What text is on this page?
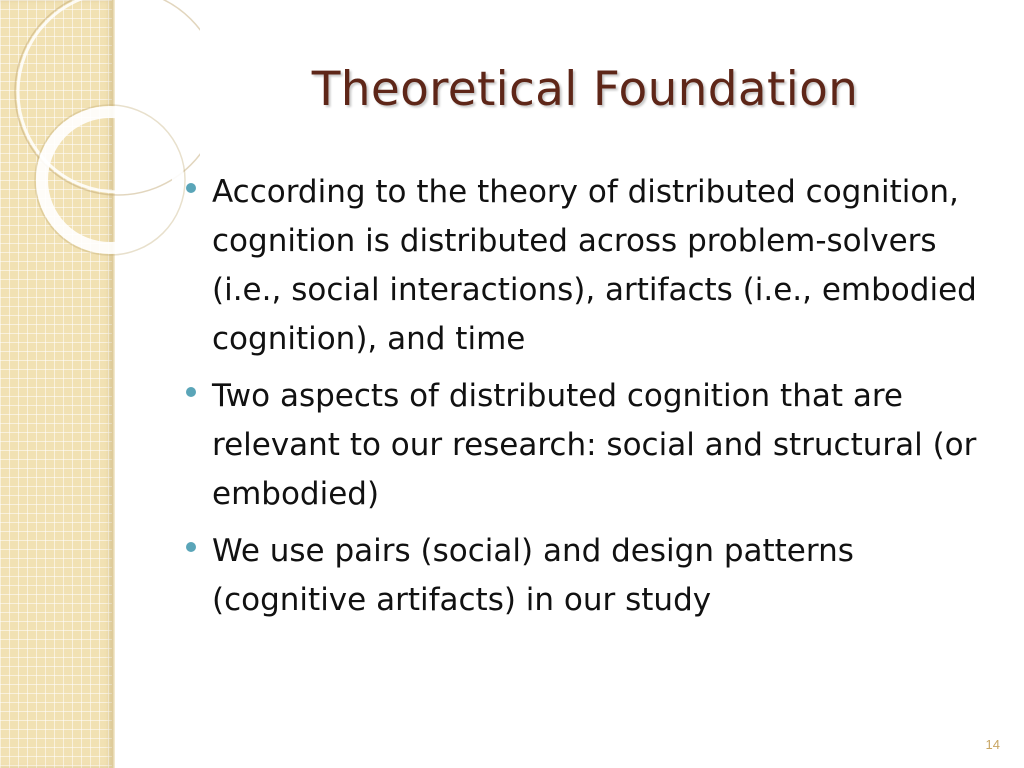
Theoretical Foundation
According to the theory of distributed cognition, cognition is distributed across problem-solvers (i.e., social interactions), artifacts (i.e., embodied cognition), and time
Two aspects of distributed cognition that are relevant to our research: social and structural (or embodied)
We use pairs (social) and design patterns (cognitive artifacts) in our study
14
